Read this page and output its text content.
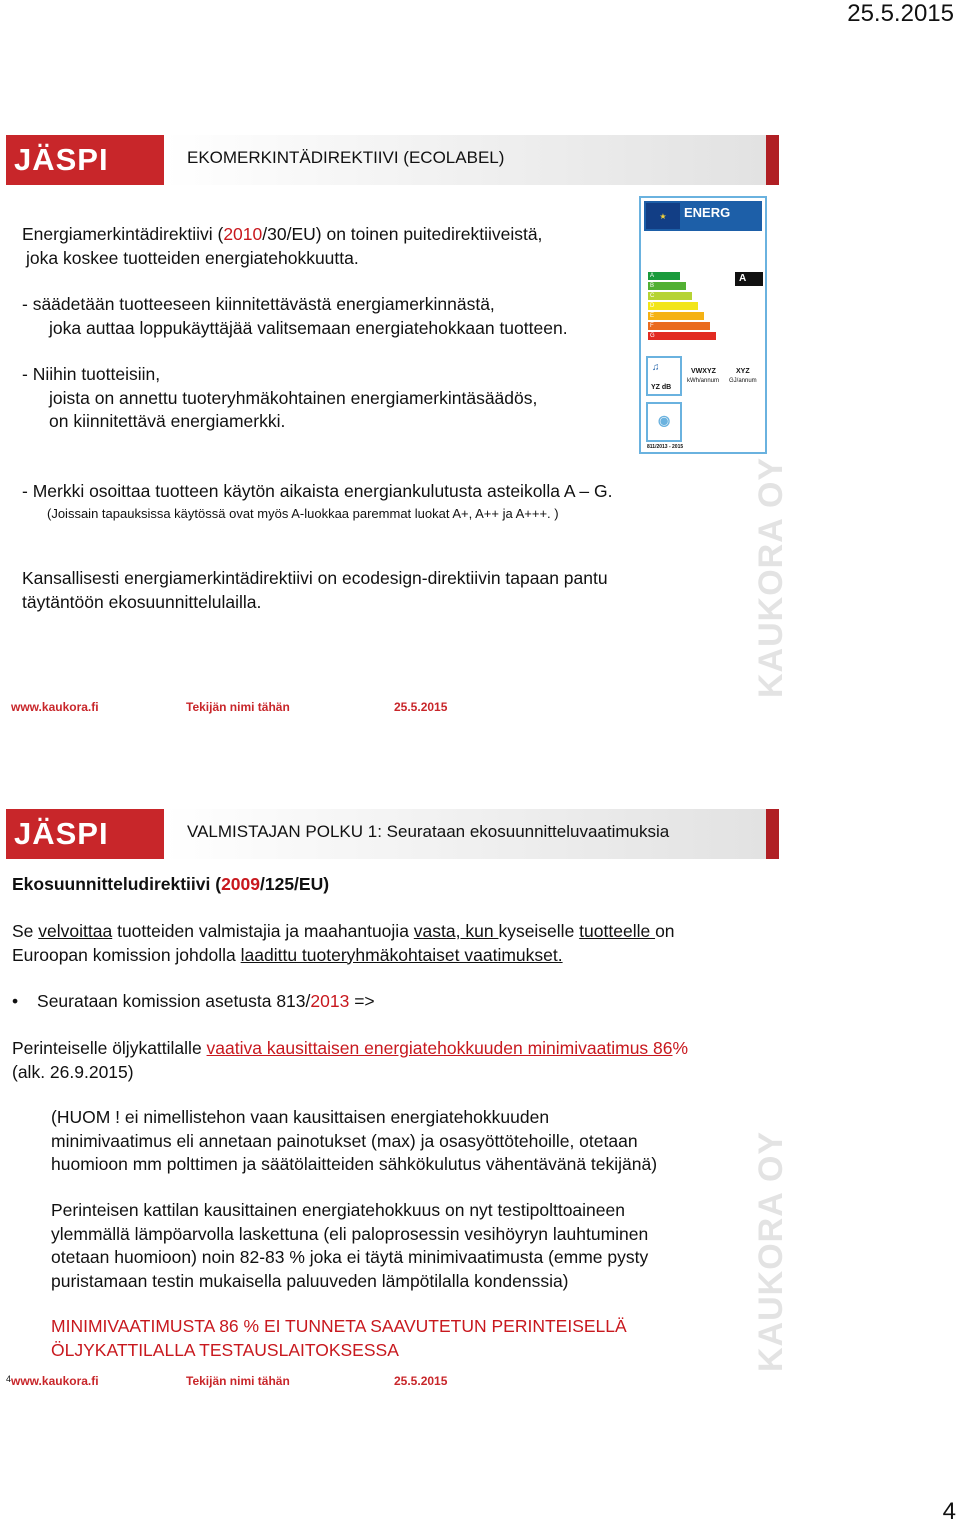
25.5.2015
JÄSPI	EKOMERKINTÄDIREKTIIVI (ECOLABEL)
Energiamerkintädirektiivi (2010/30/EU) on toinen puitedirektiiveistä,
joka koskee tuotteiden energiatehokkuutta.
- säädetään tuotteeseen kiinnitettävästä energiamerkinnästä,
joka auttaa loppukäyttäjää valitsemaan energiatehokkaan tuotteen.
- Niihin tuotteisiin,
joista on annettu tuoteryhmäkohtainen energiamerkintäsäädös,
on kiinnitettävä energiamerkki.
- Merkki osoittaa tuotteen käytön aikaista energiankulutusta asteikolla A – G.
(Joissain tapauksissa käytössä ovat myös A-luokkaa paremmat luokat A+, A++ ja A+++. )
Kansallisesti energiamerkintädirektiivi on ecodesign-direktiivin tapaan pantu
täytäntöön ekosuunnittelulailla.
★	ENERG
A
B
C
D
E
F
G
A
♫
YZ dB
VWXYZ
kWh/annum
XYZ
GJ/annum
◉
811/2013 - 2015
KAUKORA OY
www.kaukora.fi	Tekijän nimi tähän	25.5.2015
JÄSPI	VALMISTAJAN POLKU 1: Seurataan ekosuunnitteluvaatimuksia
Ekosuunnitteludirektiivi (2009/125/EU)
Se velvoittaa tuotteiden valmistajia ja maahantuojia vasta, kun kyseiselle tuotteelle on
Euroopan komission johdolla laadittu tuoteryhmäkohtaiset vaatimukset.
• Seurataan komission asetusta 813/2013 =>
Perinteiselle öljykattilalle vaativa kausittaisen energiatehokkuuden minimivaatimus 86%
(alk. 26.9.2015)
(HUOM ! ei nimellistehon vaan kausittaisen energiatehokkuuden
minimivaatimus eli annetaan painotukset (max) ja osasyöttötehoille, otetaan
huomioon mm polttimen ja säätölaitteiden sähkökulutus vähentävänä tekijänä)
Perinteisen kattilan kausittainen energiatehokkuus on nyt testipolttoaineen
ylemmällä lämpöarvolla laskettuna (eli paloprosessin vesihöyryn lauhtuminen
otetaan huomioon) noin 82-83 % joka ei täytä minimivaatimusta (emme pysty
puristamaan testin mukaisella paluuveden lämpötilalla kondenssia)
MINIMIVAATIMUSTA 86 % EI TUNNETA SAAVUTETUN PERINTEISELLÄ
ÖLJYKATTILALLA TESTAUSLAITOKSESSA	KAUKORA OY
4 www.kaukora.fi	Tekijän nimi tähän	25.5.2015
4
